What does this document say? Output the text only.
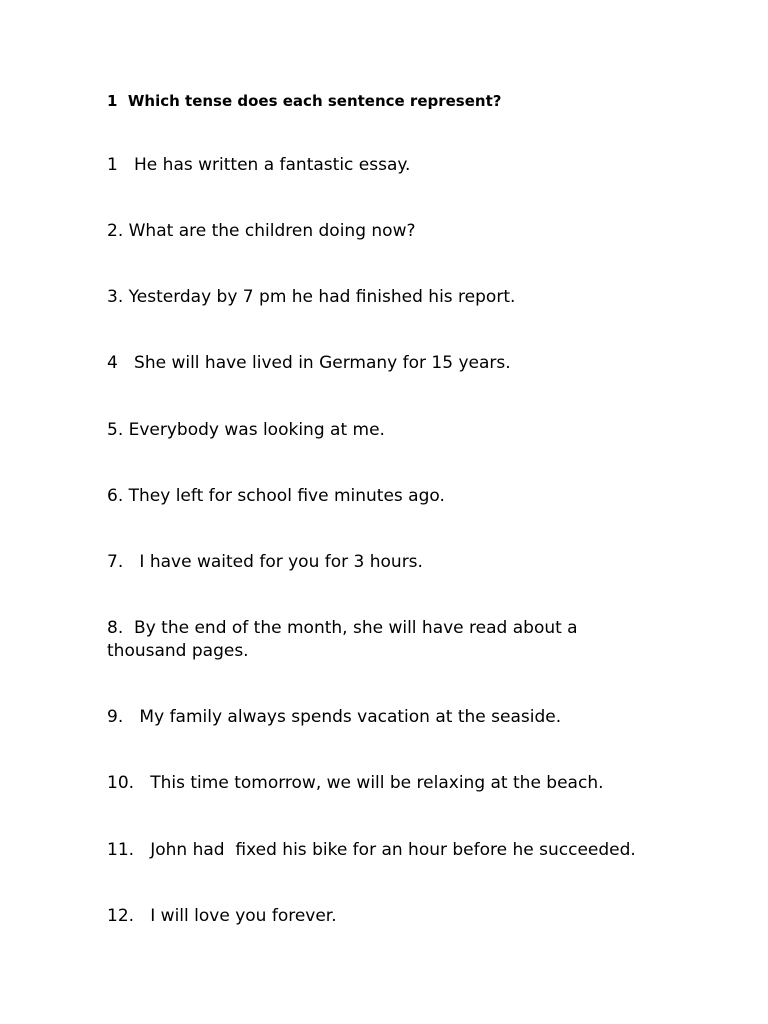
1  Which tense does each sentence represent?

1   He has written a fantastic essay.

2. What are the children doing now?

3. Yesterday by 7 pm he had finished his report.

4   She will have lived in Germany for 15 years.

5. Everybody was looking at me.

6. They left for school five minutes ago.

7.   I have waited for you for 3 hours.

8.  By the end of the month, she will have read about a thousand pages.

9.   My family always spends vacation at the seaside.

10.   This time tomorrow, we will be relaxing at the beach.

11.   John had  fixed his bike for an hour before he succeeded.

12.   I will love you forever.
